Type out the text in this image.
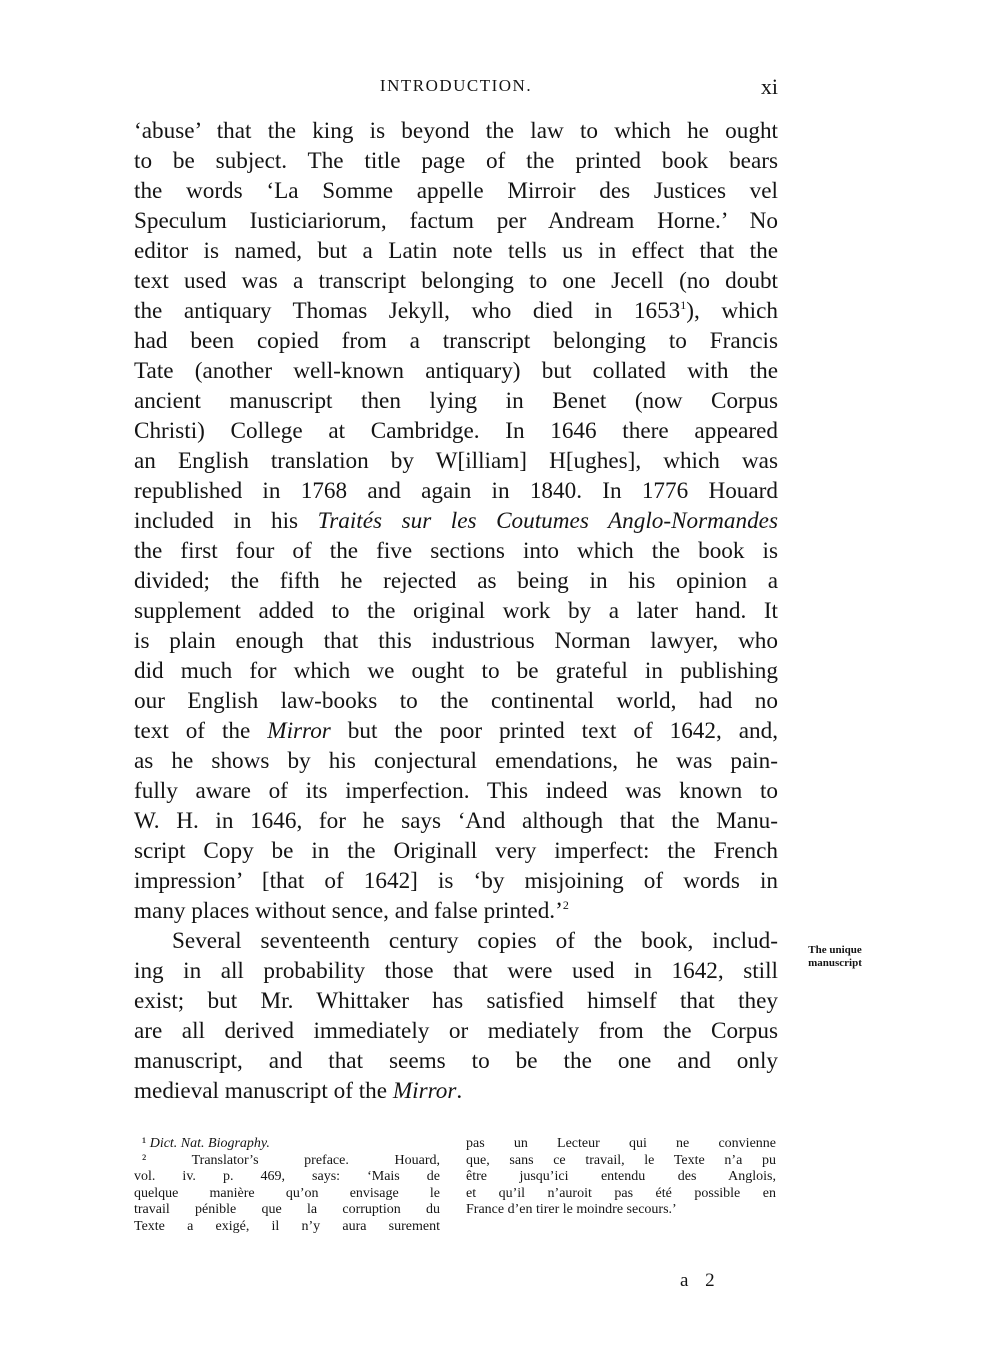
INTRODUCTION.	xi
‘abuse’ that the king is beyond the law to which he ought
to be subject. The title page of the printed book bears
the words ‘La Somme appelle Mirroir des Justices vel
Speculum Iusticiariorum, factum per Andream Horne.’ No
editor is named, but a Latin note tells us in effect that the
text used was a transcript belonging to one Jecell (no doubt
the antiquary Thomas Jekyll, who died in 1653$^1$), which
had been copied from a transcript belonging to Francis
Tate (another well-known antiquary) but collated with the
ancient manuscript then lying in Benet (now Corpus
Christi) College at Cambridge. In 1646 there appeared
an English translation by W[illiam] H[ughes], which was
republished in 1768 and again in 1840. In 1776 Houard
included in his Traités sur les Coutumes Anglo-Normandes
the first four of the five sections into which the book is
divided; the fifth he rejected as being in his opinion a
supplement added to the original work by a later hand. It
is plain enough that this industrious Norman lawyer, who
did much for which we ought to be grateful in publishing
our English law-books to the continental world, had no
text of the Mirror but the poor printed text of 1642, and,
as he shows by his conjectural emendations, he was pain-
fully aware of its imperfection. This indeed was known to
W. H. in 1646, for he says ‘And although that the Manu-
script Copy be in the Originall very imperfect: the French
impression’ [that of 1642] is ‘by misjoining of words in
many places without sence, and false printed.’$^2$
Several seventeenth century copies of the book, includ-
ing in all probability those that were used in 1642, still
exist; but Mr. Whittaker has satisfied himself that they
are all derived immediately or mediately from the Corpus
manuscript, and that seems to be the one and only
medieval manuscript of the Mirror.
The unique
manuscript
¹ Dict. Nat. Biography.
²	Translator’s preface. Houard,
vol. iv. p. 469, says: ‘Mais de
quelque manière qu’on envisage le
travail pénible que la corruption du
Texte a exigé, il n’y aura surement
pas un Lecteur qui ne convienne
que, sans ce travail, le Texte n’a pu
être jusqu’ici entendu des Anglois,
et qu’il n’auroit pas été possible en
France d’en tirer le moindre secours.’
a 2
